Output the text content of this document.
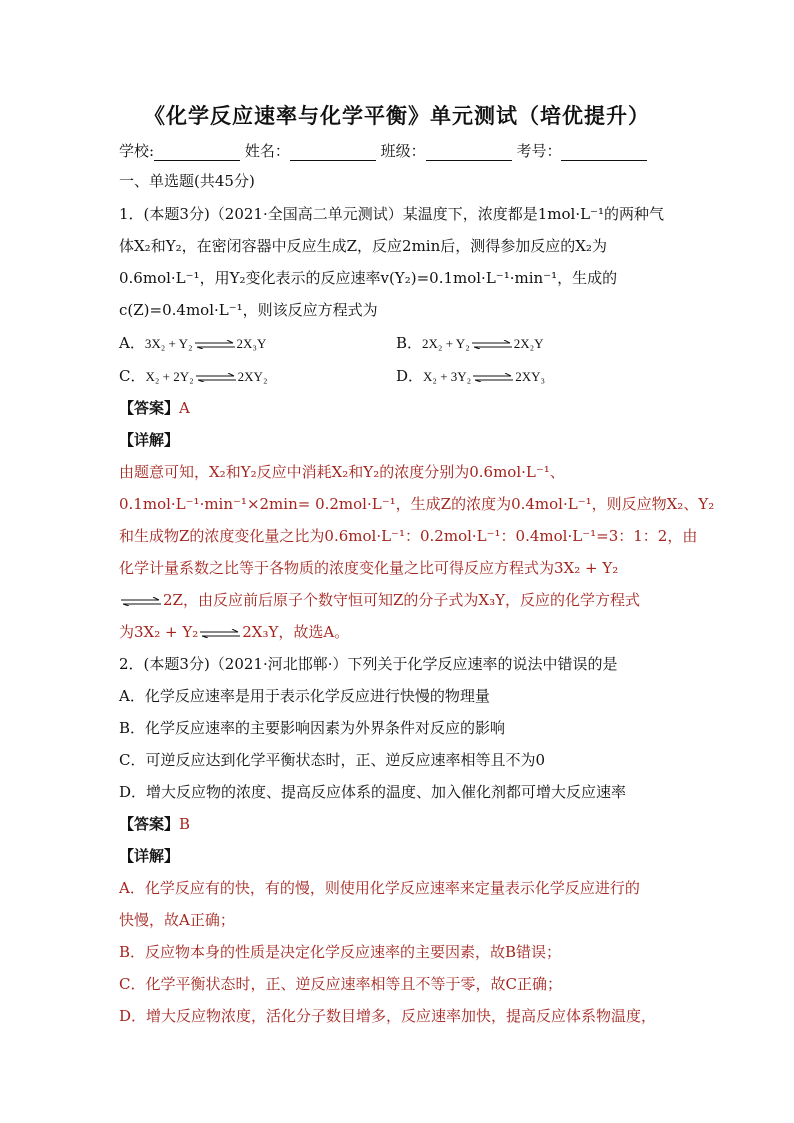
《化学反应速率与化学平衡》单元测试（培优提升）
学校:	姓名：	班级：	考号：
一、单选题(共45分)
1．(本题3分)（2021·全国高二单元测试）某温度下，浓度都是1mol·L⁻¹的两种气
体X₂和Y₂，在密闭容器中反应生成Z，反应2min后，测得参加反应的X₂为
0.6mol·L⁻¹，用Y₂变化表示的反应速率v(Y₂)=0.1mol·L⁻¹·min⁻¹，生成的
c(Z)=0.4mol·L⁻¹，则该反应方程式为
A．3X₂ + Y₂ ⇌ 2X₃Y	B．2X₂ + Y₂ ⇌ 2X₂Y
C．X₂ + 2Y₂ ⇌ 2XY₂	D．X₂ + 3Y₂ ⇌ 2XY₃
【答案】A
【详解】
由题意可知，X₂和Y₂反应中消耗X₂和Y₂的浓度分别为0.6mol·L⁻¹、
0.1mol·L⁻¹·min⁻¹×2min= 0.2mol·L⁻¹，生成Z的浓度为0.4mol·L⁻¹，则反应物X₂、Y₂
和生成物Z的浓度变化量之比为0.6mol·L⁻¹：0.2mol·L⁻¹：0.4mol·L⁻¹=3：1：2，由
化学计量系数之比等于各物质的浓度变化量之比可得反应方程式为3X₂ + Y₂
⇌ 2Z，由反应前后原子个数守恒可知Z的分子式为X₃Y，反应的化学方程式
为3X₂ + Y₂ ⇌ 2X₃Y，故选A。
2．(本题3分)（2021·河北邯郸·）下列关于化学反应速率的说法中错误的是
A．化学反应速率是用于表示化学反应进行快慢的物理量
B．化学反应速率的主要影响因素为外界条件对反应的影响
C．可逆反应达到化学平衡状态时，正、逆反应速率相等且不为0
D．增大反应物的浓度、提高反应体系的温度、加入催化剂都可增大反应速率
【答案】B
【详解】
A．化学反应有的快，有的慢，则使用化学反应速率来定量表示化学反应进行的
快慢，故A正确；
B．反应物本身的性质是决定化学反应速率的主要因素，故B错误；
C．化学平衡状态时，正、逆反应速率相等且不等于零，故C正确；
D．增大反应物浓度，活化分子数目增多，反应速率加快，提高反应体系物温度，
